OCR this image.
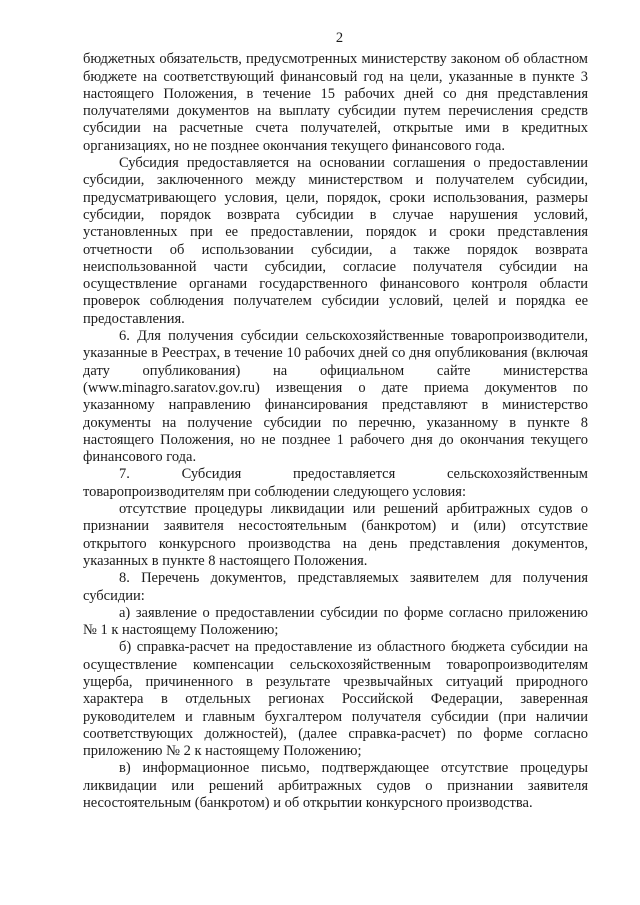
2

бюджетных обязательств, предусмотренных министерству законом об областном бюджете на соответствующий финансовый год на цели, указанные в пункте 3 настоящего Положения, в течение 15 рабочих дней со дня представления получателями документов на выплату субсидии путем перечисления средств субсидии на расчетные счета получателей, открытые ими в кредитных организациях, но не позднее окончания текущего финансового года.

Субсидия предоставляется на основании соглашения о предоставлении субсидии, заключенного между министерством и получателем субсидии, предусматривающего условия, цели, порядок, сроки использования, размеры субсидии, порядок возврата субсидии в случае нарушения условий, установленных при ее предоставлении, порядок и сроки представления отчетности об использовании субсидии, а также порядок возврата неиспользованной части субсидии, согласие получателя субсидии на осуществление органами государственного финансового контроля области проверок соблюдения получателем субсидии условий, целей и порядка ее предоставления.

6. Для получения субсидии сельскохозяйственные товаропроизводители, указанные в Реестрах, в течение 10 рабочих дней со дня опубликования (включая дату опубликования) на официальном сайте министерства (www.minagro.saratov.gov.ru) извещения о дате приема документов по указанному направлению финансирования представляют в министерство документы на получение субсидии по перечню, указанному в пункте 8 настоящего Положения, но не позднее 1 рабочего дня до окончания текущего финансового года.

7. Субсидия предоставляется сельскохозяйственным товаропроизводителям при соблюдении следующего условия:

отсутствие процедуры ликвидации или решений арбитражных судов о признании заявителя несостоятельным (банкротом) и (или) отсутствие открытого конкурсного производства на день представления документов, указанных в пункте 8 настоящего Положения.

8. Перечень документов, представляемых заявителем для получения субсидии:

а) заявление о предоставлении субсидии по форме согласно приложению № 1 к настоящему Положению;

б) справка-расчет на предоставление из областного бюджета субсидии на осуществление компенсации сельскохозяйственным товаропроизводителям ущерба, причиненного в результате чрезвычайных ситуаций природного характера в отдельных регионах Российской Федерации, заверенная руководителем и главным бухгалтером получателя субсидии (при наличии соответствующих должностей), (далее справка-расчет) по форме согласно приложению № 2 к настоящему Положению;

в) информационное письмо, подтверждающее отсутствие процедуры ликвидации или решений арбитражных судов о признании заявителя несостоятельным (банкротом) и об открытии конкурсного производства.
